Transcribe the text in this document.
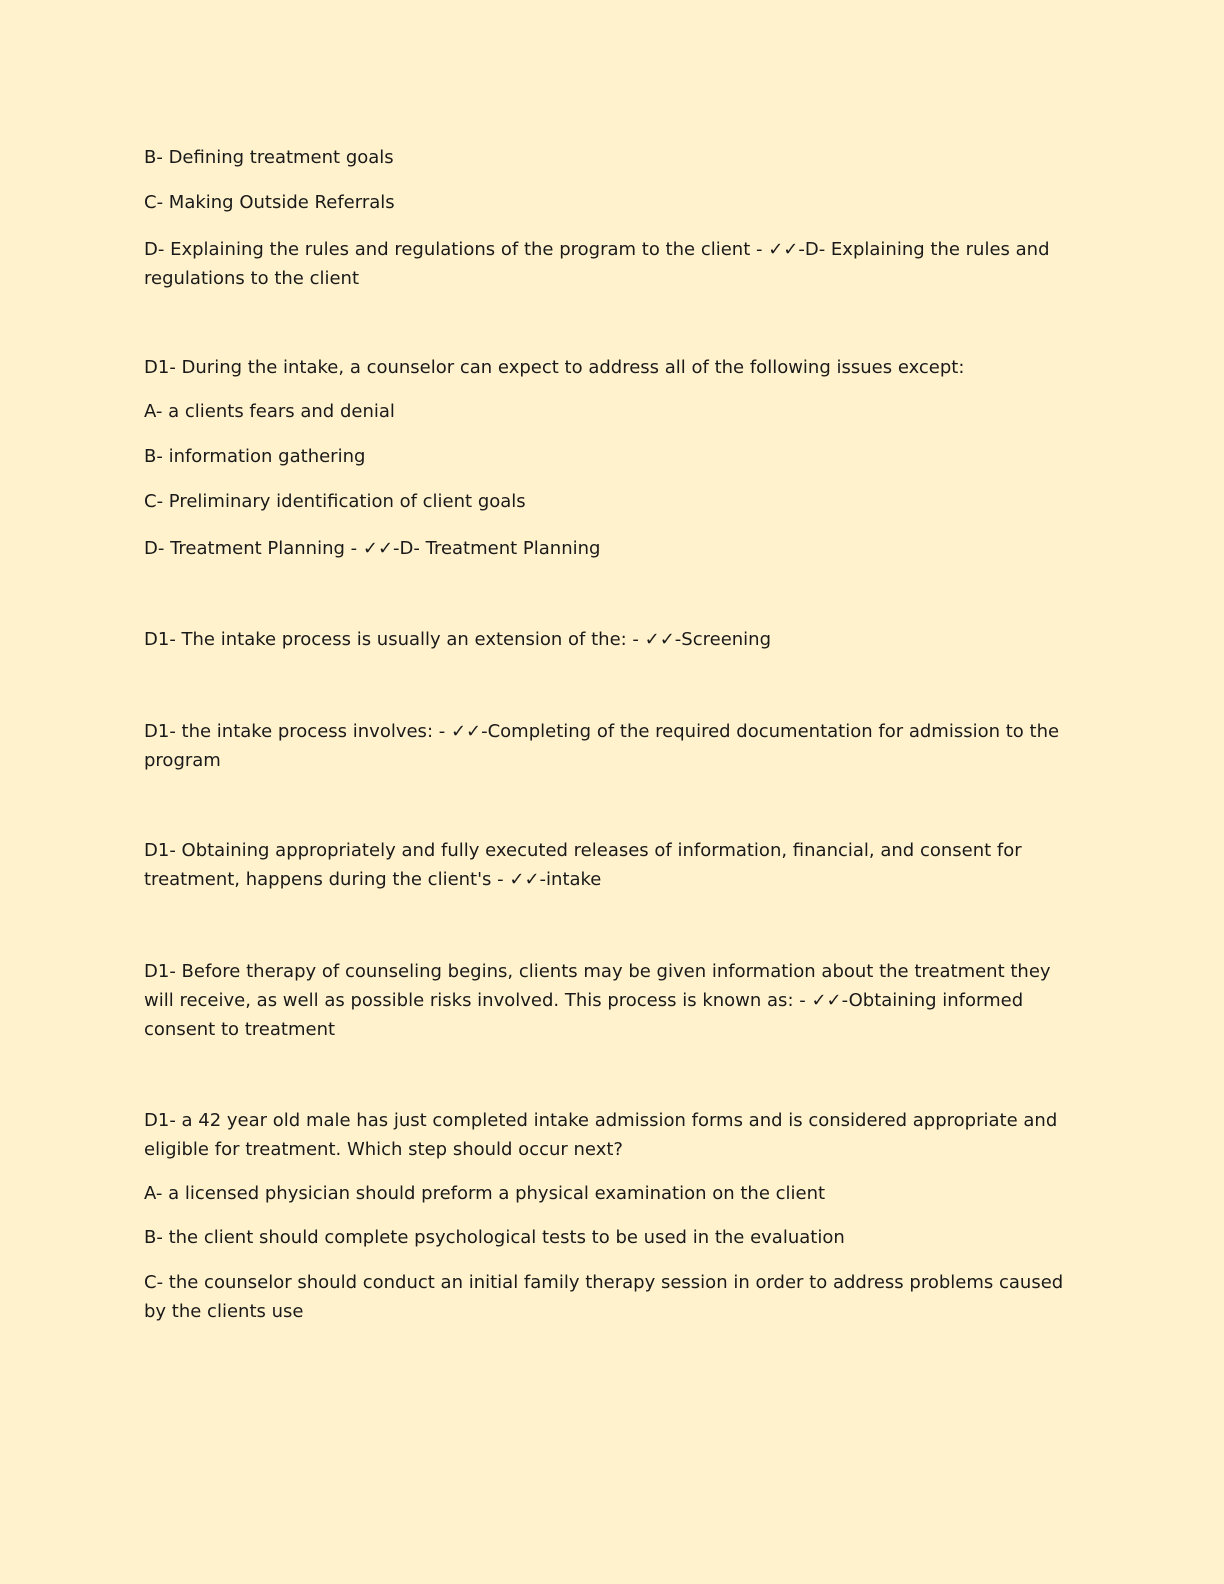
B- Defining treatment goals

C- Making Outside Referrals

D- Explaining the rules and regulations of the program to the client - ✓✓-D- Explaining the rules and regulations to the client

D1- During the intake, a counselor can expect to address all of the following issues except:

A- a clients fears and denial

B- information gathering

C- Preliminary identification of client goals

D- Treatment Planning - ✓✓-D- Treatment Planning

D1- The intake process is usually an extension of the: - ✓✓-Screening

D1- the intake process involves: - ✓✓-Completing of the required documentation for admission to the program

D1- Obtaining appropriately and fully executed releases of information, financial, and consent for treatment, happens during the client's - ✓✓-intake

D1- Before therapy of counseling begins, clients may be given information about the treatment they will receive, as well as possible risks involved. This process is known as: - ✓✓-Obtaining informed consent to treatment

D1- a 42 year old male has just completed intake admission forms and is considered appropriate and eligible for treatment. Which step should occur next?

A- a licensed physician should preform a physical examination on the client

B- the client should complete psychological tests to be used in the evaluation

C- the counselor should conduct an initial family therapy session in order to address problems caused by the clients use
